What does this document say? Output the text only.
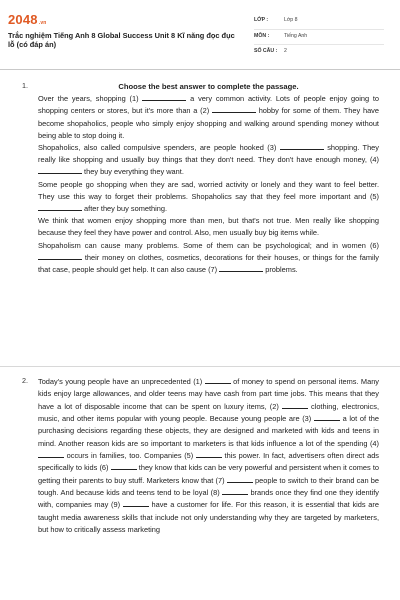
2048.vn
Trắc nghiệm Tiếng Anh 8 Global Success Unit 8 Kĩ năng đọc đục lỗ (có đáp án)
LỚP :	Lớp 8
MÔN :	Tiếng Anh
SỐ CÂU : 2
1.	Choose the best answer to complete the passage.
Over the years, shopping (1)	a very common activity. Lots of people enjoy going to shopping centers or stores, but it's more than a (2)	hobby for some of them. They have become shopaholics, people who simply enjoy shopping and walking around spending money without being able to stop doing it.
Shopaholics, also called compulsive spenders, are people hooked (3)	shopping. They really like shopping and usually buy things that they don't need. They don't have enough money, (4)  they buy everything they want.
Some people go shopping when they are sad, worried activity or lonely and they want to feel better. They use this way to forget their problems. Shopaholics say that they feel more important and (5)  after they buy something.
We think that women enjoy shopping more than men, but that's not true. Men really like shopping because they feel they have power and control. Also, men usually buy big items while.
Shopaholism can cause many problems. Some of them can be psychological; and in women (6)  their money on clothes, cosmetics, decorations for their houses, or things for the family that case, people should get help. It can also cause (7)	problems.
2. Today's young people have an unprecedented (1)	of money to spend on personal items. Many kids enjoy large allowances, and older teens may have cash from part time jobs. This means that they have a lot of disposable income that can be spent on luxury items, (2)	clothing, electronics, music, and other items popular with young people. Because young people are (3)	a lot of the purchasing decisions regarding these objects, they are designed and marketed with kids and teens in mind. Another reason kids are so important to marketers is that kids influence a lot of the spending (4)  occurs in families, too. Companies (5)	this power. In fact, advertisers often direct ads specifically to kids (6)	they know that kids can be very powerful and persistent when it comes to getting their parents to buy stuff. Marketers know that (7)	people to switch to their brand can be tough. And because kids and teens tend to be loyal (8)	brands once they find one they identify with, companies may (9)	have a customer for life. For this reason, it is essential that kids are taught media awareness skills that include not only understanding why they are targeted by marketers, but how to critically assess marketing
